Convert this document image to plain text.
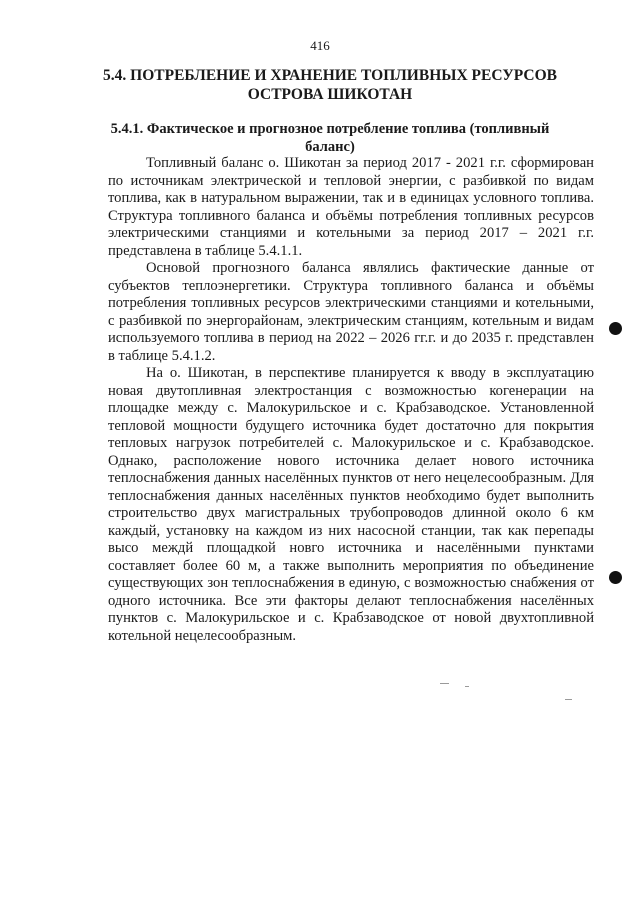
416
5.4. ПОТРЕБЛЕНИЕ И ХРАНЕНИЕ ТОПЛИВНЫХ РЕСУРСОВ
ОСТРОВА ШИКОТАН
5.4.1. Фактическое и прогнозное потребление топлива (топливный баланс)

Топливный баланс о. Шикотан за период 2017 - 2021 г.г. сформирован по источникам электрической и тепловой энергии, с разбивкой по видам топлива, как в натуральном выражении, так и в единицах условного топлива. Структура топливного баланса и объёмы потребления топливных ресурсов электрическими станциями и котельными за период 2017 – 2021 г.г. представлена в таблице 5.4.1.1.

Основой прогнозного баланса являлись фактические данные от субъектов теплоэнергетики. Структура топливного баланса и объёмы потребления топливных ресурсов электрическими станциями и котельными, с разбивкой по энергорайонам, электрическим станциям, котельным и видам используемого топлива в период на 2022 – 2026 гг.г. и до 2035 г. представлен в таблице 5.4.1.2.

На о. Шикотан, в перспективе планируется к вводу в эксплуатацию новая двутопливная электростанция с возможностью когенерации на площадке между с. Малокурильское и с. Крабзаводское. Установленной тепловой мощности будущего источника будет достаточно для покрытия тепловых нагрузок потребителей с. Малокурильское и с. Крабзаводское. Однако, расположение нового источника делает нового источника теплоснабжения данных населённых пунктов от него нецелесообразным. Для теплоснабжения данных населённых пунктов необходимо будет выполнить строительство двух магистральных трубопроводов длинной около 6 км каждый, установку на каждом из них насосной станции, так как перепады высо междй площадкой новго источника и населёнными пунктами составляет более 60 м, а также выполнить мероприятия по объединение существующих зон теплоснабжения в единую, с возможностью снабжения от одного источника. Все эти факторы делают теплоснабжения населённых пунктов с. Малокурильское и с. Крабзаводское от новой двухтопливной котельной нецелесообразным.
